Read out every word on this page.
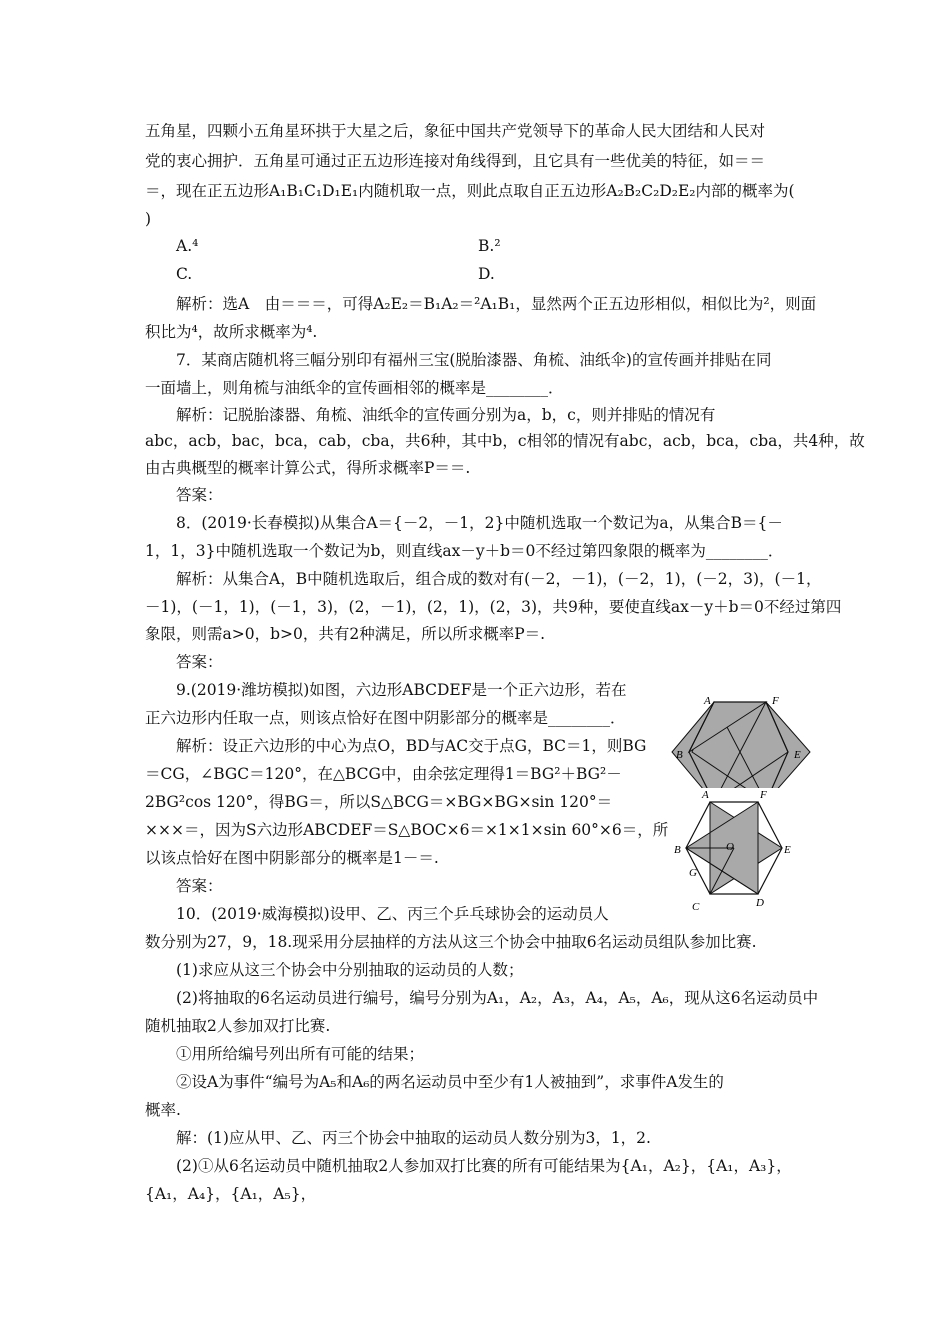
五角星，四颗小五角星环拱于大星之后，象征中国共产党领导下的革命人民大团结和人民对
党的衷心拥护．五角星可通过正五边形连接对角线得到，且它具有一些优美的特征，如＝＝
＝，现在正五边形A₁B₁C₁D₁E₁内随机取一点，则此点取自正五边形A₂B₂C₂D₂E₂内部的概率为(
)
A.⁴	B.²
C.	D.
解析：选A　由＝＝＝，可得A₂E₂＝B₁A₂＝²A₁B₁，显然两个正五边形相似，相似比为²，则面
积比为⁴，故所求概率为⁴.
7．某商店随机将三幅分别印有福州三宝(脱胎漆器、角梳、油纸伞)的宣传画并排贴在同
一面墙上，则角梳与油纸伞的宣传画相邻的概率是________．
解析：记脱胎漆器、角梳、油纸伞的宣传画分别为a，b，c，则并排贴的情况有
abc，acb，bac，bca，cab，cba，共6种，其中b，c相邻的情况有abc，acb，bca，cba，共4种，故
由古典概型的概率计算公式，得所求概率P＝＝.
答案：
8．(2019·长春模拟)从集合A＝{－2，－1，2}中随机选取一个数记为a，从集合B＝{－
1，1，3}中随机选取一个数记为b，则直线ax－y＋b＝0不经过第四象限的概率为________．
解析：从集合A，B中随机选取后，组合成的数对有(－2，－1)，(－2，1)，(－2，3)，(－1，
－1)，(－1，1)，(－1，3)，(2，－1)，(2，1)，(2，3)，共9种，要使直线ax－y＋b＝0不经过第四
象限，则需a>0，b>0，共有2种满足，所以所求概率P＝.
答案：
9.(2019·潍坊模拟)如图，六边形ABCDEF是一个正六边形，若在
正六边形内任取一点，则该点恰好在图中阴影部分的概率是________．
解析：设正六边形的中心为点O，BD与AC交于点G，BC＝1，则BG
＝CG，∠BGC＝120°，在△BCG中，由余弦定理得1＝BG²＋BG²－
2BG²cos 120°，得BG＝，所以S△BCG＝×BG×BG×sin 120°＝
×××＝，因为S六边形ABCDEF＝S△BOC×6＝×1×1×sin 60°×6＝，所
以该点恰好在图中阴影部分的概率是1－＝.
答案：
10．(2019·威海模拟)设甲、乙、丙三个乒乓球协会的运动员人
数分别为27，9，18.现采用分层抽样的方法从这三个协会中抽取6名运动员组队参加比赛.
(1)求应从这三个协会中分别抽取的运动员的人数；
(2)将抽取的6名运动员进行编号，编号分别为A₁，A₂，A₃，A₄，A₅，A₆，现从这6名运动员中
随机抽取2人参加双打比赛.
①用所给编号列出所有可能的结果；
②设A为事件“编号为A₅和A₆的两名运动员中至少有1人被抽到”，求事件A发生的
概率.
解：(1)应从甲、乙、丙三个协会中抽取的运动员人数分别为3，1，2.
(2)①从6名运动员中随机抽取2人参加双打比赛的所有可能结果为{A₁，A₂}，{A₁，A₃}，
{A₁，A₄}，{A₁，A₅}，
A	F
B	E
A	F
B	O	E
G
C	D
